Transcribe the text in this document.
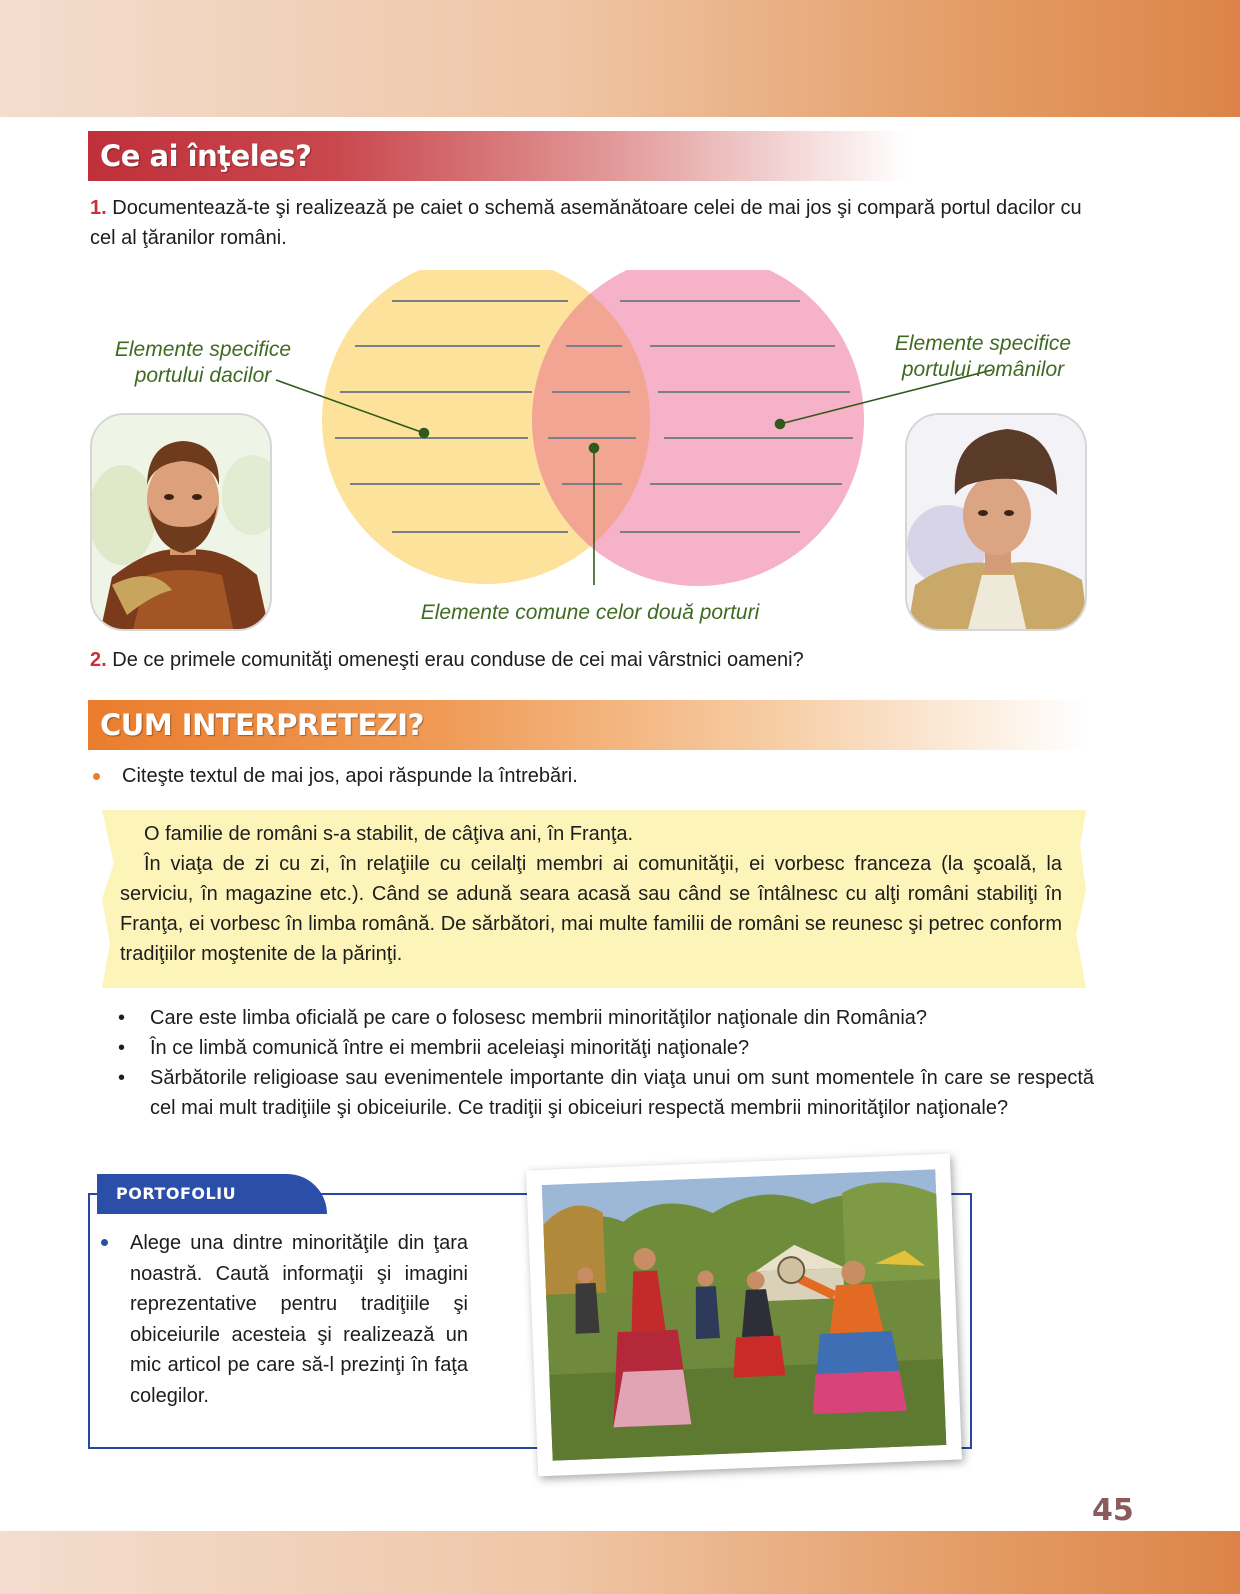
Ce ai înţeles?
1. Documentează-te şi realizează pe caiet o schemă asemănătoare celei de mai jos şi compară portul dacilor cu cel al ţăranilor români.
Elemente specifice portului dacilor
Elemente specifice portului românilor
Elemente comune celor două porturi
2. De ce primele comunităţi omeneşti erau conduse de cei mai vârstnici oameni?
CUM INTERPRETEZI?
Citeşte textul de mai jos, apoi răspunde la întrebări.

O familie de români s-a stabilit, de câţiva ani, în Franţa.

În viaţa de zi cu zi, în relaţiile cu ceilalţi membri ai comunităţii, ei vorbesc franceza (la şcoală, la serviciu, în magazine etc.). Când se adună seara acasă sau când se întâlnesc cu alţi români stabiliţi în Franţa, ei vorbesc în limba română. De sărbători, mai multe familii de români se reunesc şi petrec conform tradiţiilor moştenite de la părinţi.

• Care este limba oficială pe care o folosesc membrii minorităţilor naţionale din România?
• În ce limbă comunică între ei membrii aceleiaşi minorităţi naţionale?
• Sărbătorile religioase sau evenimentele importante din viaţa unui om sunt momentele în care se respectă cel mai mult tradiţiile şi obiceiurile. Ce tradiţii şi obiceiuri respectă membrii minorităţilor naţionale?
PORTOFOLIU
Alege una dintre minorităţile din ţara noastră. Caută informaţii şi imagini reprezentative pentru tradiţiile şi obiceiurile acesteia şi realizează un mic articol pe care să-l prezinţi în faţa colegilor.
45
